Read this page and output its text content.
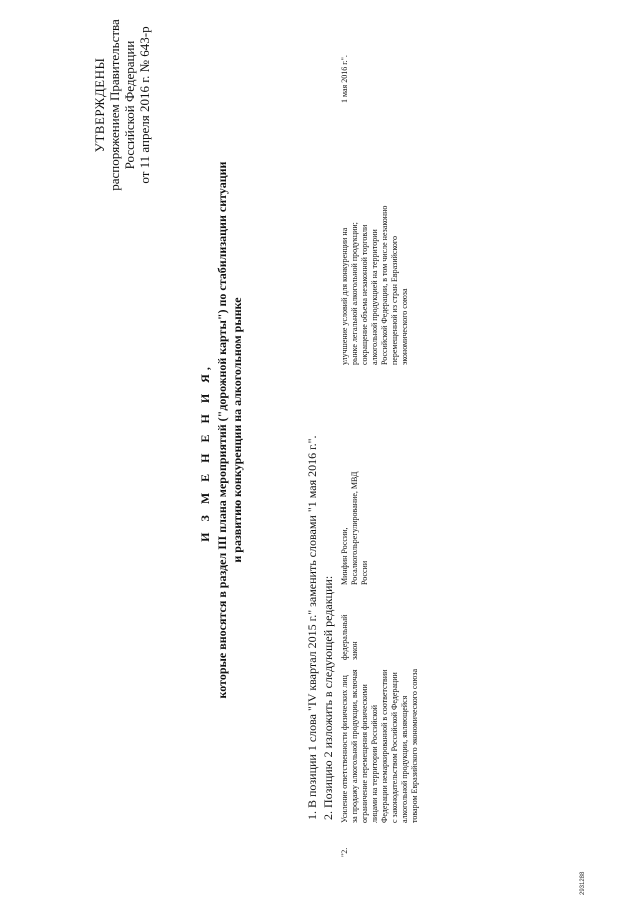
УТВЕРЖДЕНЫ распоряжением Правительства Российской Федерации от 11 апреля 2016 г. № 643-р
И З М Е Н Е Н И Я, которые вносятся в раздел III плана мероприятий ("дорожной карты") по стабилизации ситуации и развитию конкуренции на алкогольном рынке
1. В позиции 1 слова "IV квартал 2015 г." заменить словами "1 мая 2016 г.". 2. Позицию 2 изложить в следующей редакции:
"2.
Усиление ответственности физических лиц за продажу алкогольной продукции, включая ограничение перемещения физическими лицами на территории Российской Федерации немаркированной в соответствии с законодательством Российской Федерации алкогольной продукции, являющейся товаром Евразийского экономического союза
федеральный закон
Минфин России, Росалкогольрегулирование, МВД России
улучшение условий для конкуренции на рынке легальной алкогольной продукции; сокращение объема незаконной торговли алкогольной продукцией на территории Российской Федерации, в том числе незаконно перемещенной из стран Евразийского экономического союза
1 мая 2016 г.".
2931288
